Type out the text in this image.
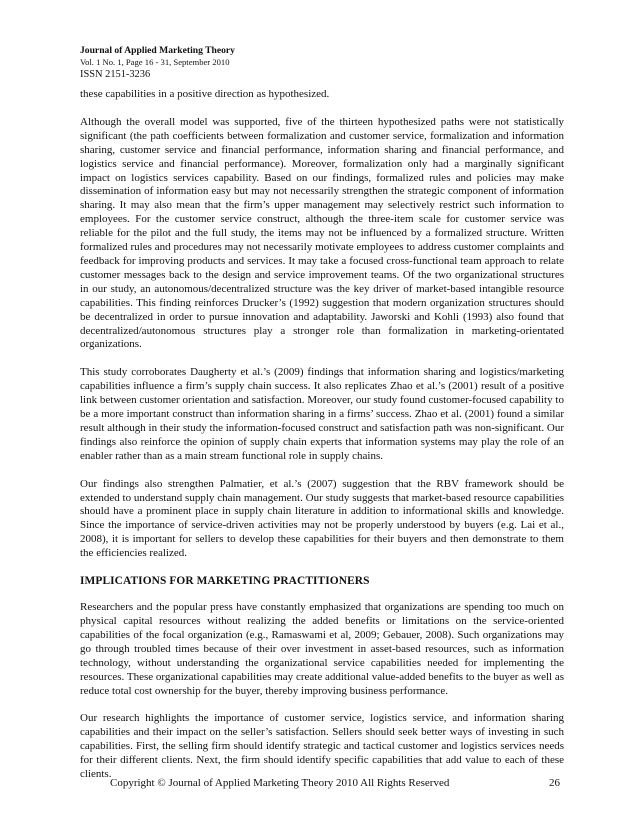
Journal of Applied Marketing Theory
Vol. 1 No. 1, Page 16 - 31, September 2010
ISSN 2151-3236

these capabilities in a positive direction as hypothesized.

Although the overall model was supported, five of the thirteen hypothesized paths were not statistically significant (the path coefficients between formalization and customer service, formalization and information sharing, customer service and financial performance, information sharing and financial performance, and logistics service and financial performance). Moreover, formalization only had a marginally significant impact on logistics services capability. Based on our findings, formalized rules and policies may make dissemination of information easy but may not necessarily strengthen the strategic component of information sharing. It may also mean that the firm’s upper management may selectively restrict such information to employees. For the customer service construct, although the three-item scale for customer service was reliable for the pilot and the full study, the items may not be influenced by a formalized structure. Written formalized rules and procedures may not necessarily motivate employees to address customer complaints and feedback for improving products and services. It may take a focused cross-functional team approach to relate customer messages back to the design and service improvement teams. Of the two organizational structures in our study, an autonomous/decentralized structure was the key driver of market-based intangible resource capabilities. This finding reinforces Drucker’s (1992) suggestion that modern organization structures should be decentralized in order to pursue innovation and adaptability. Jaworski and Kohli (1993) also found that decentralized/autonomous structures play a stronger role than formalization in marketing-orientated organizations.

This study corroborates Daugherty et al.’s (2009) findings that information sharing and logistics/marketing capabilities influence a firm’s supply chain success. It also replicates Zhao et al.’s (2001) result of a positive link between customer orientation and satisfaction. Moreover, our study found customer-focused capability to be a more important construct than information sharing in a firms’ success. Zhao et al. (2001) found a similar result although in their study the information-focused construct and satisfaction path was non-significant. Our findings also reinforce the opinion of supply chain experts that information systems may play the role of an enabler rather than as a main stream functional role in supply chains.

Our findings also strengthen Palmatier, et al.’s (2007) suggestion that the RBV framework should be extended to understand supply chain management. Our study suggests that market-based resource capabilities should have a prominent place in supply chain literature in addition to informational skills and knowledge. Since the importance of service-driven activities may not be properly understood by buyers (e.g. Lai et al., 2008), it is important for sellers to develop these capabilities for their buyers and then demonstrate to them the efficiencies realized.

IMPLICATIONS FOR MARKETING PRACTITIONERS

Researchers and the popular press have constantly emphasized that organizations are spending too much on physical capital resources without realizing the added benefits or limitations on the service-oriented capabilities of the focal organization (e.g., Ramaswami et al, 2009; Gebauer, 2008). Such organizations may go through troubled times because of their over investment in asset-based resources, such as information technology, without understanding the organizational service capabilities needed for implementing the resources. These organizational capabilities may create additional value-added benefits to the buyer as well as reduce total cost ownership for the buyer, thereby improving business performance.

Our research highlights the importance of customer service, logistics service, and information sharing capabilities and their impact on the seller’s satisfaction. Sellers should seek better ways of investing in such capabilities. First, the selling firm should identify strategic and tactical customer and logistics services needs for their different clients. Next, the firm should identify specific capabilities that add value to each of these clients.

Copyright © Journal of Applied Marketing Theory 2010 All Rights Reserved	26
